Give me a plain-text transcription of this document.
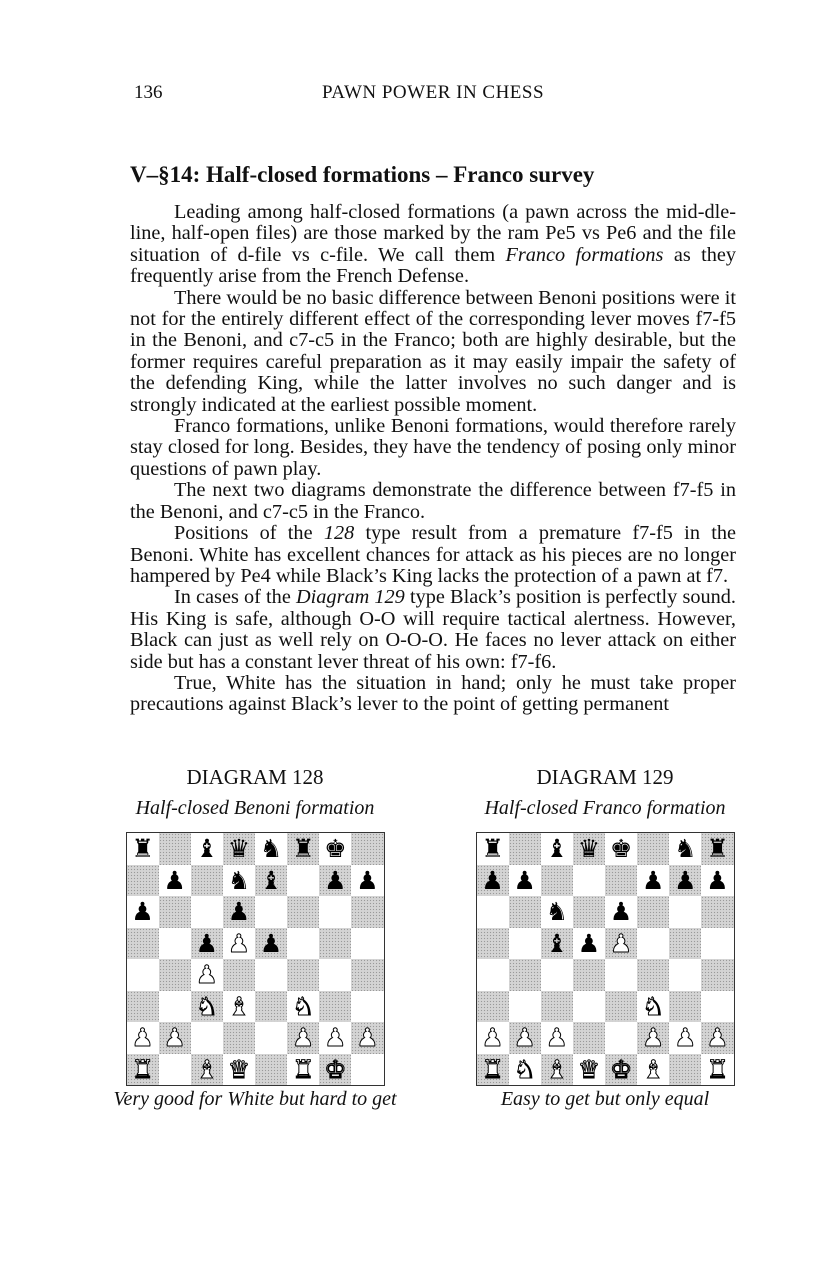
136	PAWN POWER IN CHESS
V–§14: Half-closed formations – Franco survey

Leading among half-closed formations (a pawn across the mid-dle- line, half-open files) are those marked by the ram Pe5 vs Pe6 and the file situation of d-file vs c-file. We call them Franco formations as they frequently arise from the French Defense.

There would be no basic difference between Benoni positions were it not for the entirely different effect of the corresponding lever moves f7-f5 in the Benoni, and c7-c5 in the Franco; both are highly desirable, but the former requires careful preparation as it may easily impair the safety of the defending King, while the latter involves no such danger and is strongly indicated at the earliest possible moment.

Franco formations, unlike Benoni formations, would therefore rarely stay closed for long. Besides, they have the tendency of posing only minor questions of pawn play.

The next two diagrams demonstrate the difference between f7-f5 in the Benoni, and c7-c5 in the Franco.

Positions of the 128 type result from a premature f7-f5 in the Benoni. White has excellent chances for attack as his pieces are no longer hampered by Pe4 while Black’s King lacks the protection of a pawn at f7.

In cases of the Diagram 129 type Black’s position is perfectly sound. His King is safe, although O-O will require tactical alertness. However, Black can just as well rely on O-O-O. He faces no lever attack on either side but has a constant lever threat of his own: f7-f6.

True, White has the situation in hand; only he must take proper precautions against Black’s lever to the point of getting permanent

DIAGRAM 128
Half-closed Benoni formation
♜ ♝ ♛ ♞ ♜ ♚
♟ ♞ ♝ ♟ ♟
♟	♟
♟ ♟ ♟
♟
♞ ♝ ♞
♟ ♟	♟ ♟ ♟
♜ ♝ ♛ ♜ ♚
Very good for White but hard to get
DIAGRAM 129
Half-closed Franco formation
♜ ♝ ♛ ♚ ♞ ♜
♟ ♟	♟ ♟ ♟
♞ ♟
♝ ♟ ♟
♞
♟ ♟ ♟	♟ ♟ ♟
♜ ♞ ♝ ♛ ♚ ♝ ♜
Easy to get but only equal
